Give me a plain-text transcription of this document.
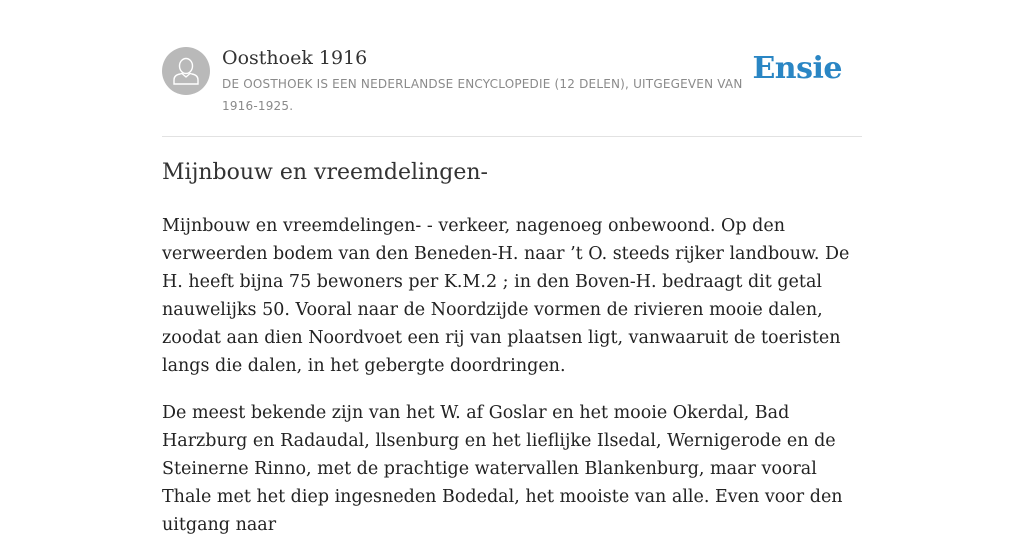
Oosthoek 1916
DE OOSTHOEK IS EEN NEDERLANDSE ENCYCLOPEDIE (12 DELEN), UITGEGEVEN VAN 1916-1925.
Ensie
Mijnbouw en vreemdelingen-

Mijnbouw en vreemdelingen- - verkeer, nagenoeg onbewoond. Op den verweerden bodem van den Beneden-H. naar ’t O. steeds rijker landbouw. De H. heeft bijna 75 bewoners per K.M.2 ; in den Boven-H. bedraagt dit getal nauwelijks 50. Vooral naar de Noordzijde vormen de rivieren mooie dalen, zoodat aan dien Noordvoet een rij van plaatsen ligt, vanwaaruit de toeristen langs die dalen, in het gebergte doordringen.

De meest bekende zijn van het W. af Goslar en het mooie Okerdal, Bad Harzburg en Radaudal, llsenburg en het lieflijke Ilsedal, Wernigerode en de Steinerne Rinno, met de prachtige watervallen Blankenburg, maar vooral Thale met het diep ingesneden Bodedal, het mooiste van alle. Even voor den uitgang naar
